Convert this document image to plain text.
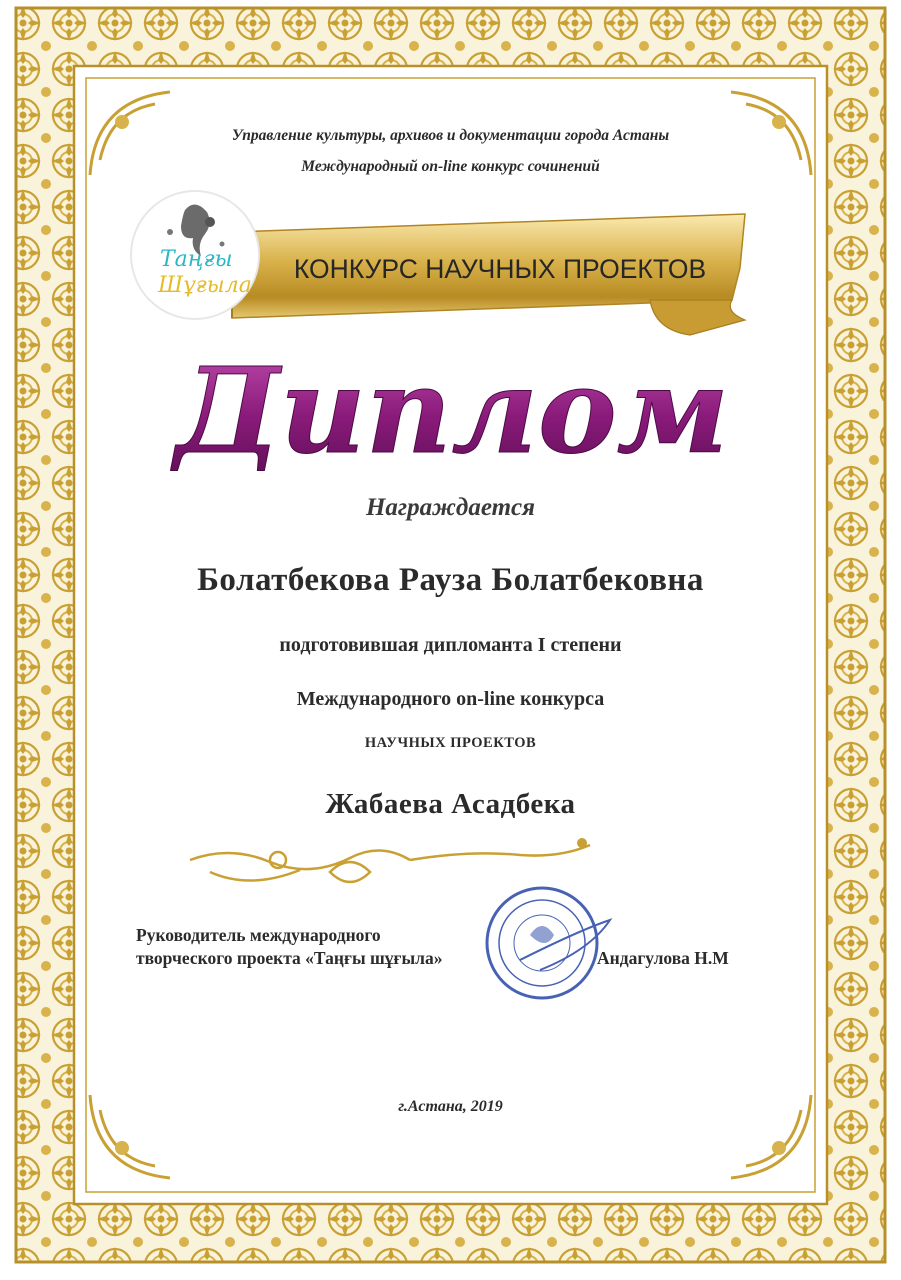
КОНКУРС НАУЧНЫХ ПРОЕКТОВ
Таңғы
Шұғыла
Диплом
Управление культуры, архивов и документации города Астаны
Международный on-line конкурс сочинений
Награждается
Болатбекова Рауза Болатбековна
подготовившая дипломанта I степени
Международного on-line конкурса
НАУЧНЫХ ПРОЕКТОВ
Жабаева Асадбека
Руководитель международного
творческого проекта «Таңғы шұғыла»	Андагулова Н.М
г.Астана, 2019
